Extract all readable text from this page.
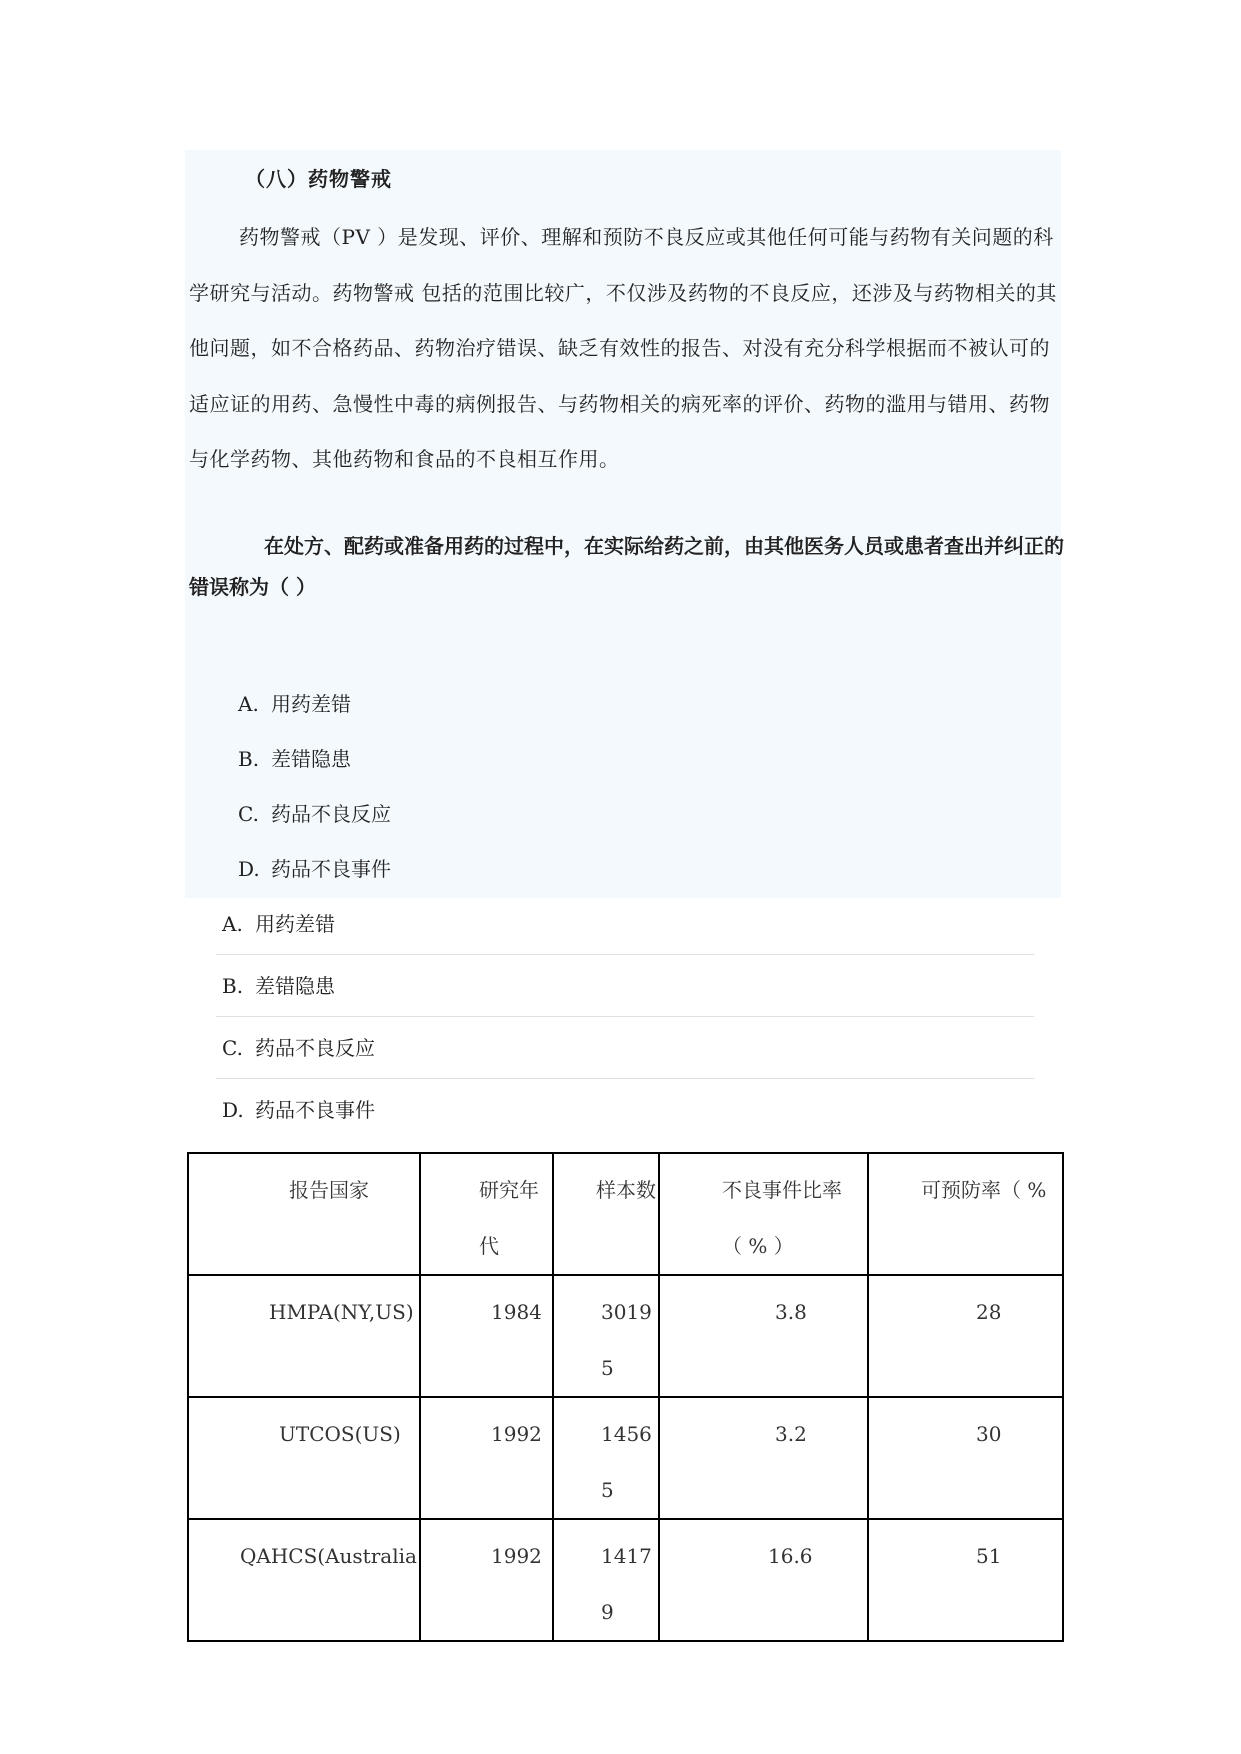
（八）药物警戒

药物警戒（PV ）是发现、评价、理解和预防不良反应或其他任何可能与药物有关问题的科学研究与活动。药物警戒 包括的范围比较广，不仅涉及药物的不良反应，还涉及与药物相关的其他问题，如不合格药品、药物治疗错误、缺乏有效性的报告、对没有充分科学根据而不被认可的适应证的用药、急慢性中毒的病例报告、与药物相关的病死率的评价、药物的滥用与错用、药物与化学药物、其他药物和食品的不良相互作用。

在处方、配药或准备用药的过程中，在实际给药之前，由其他医务人员或患者查出并纠正的错误称为（ ）

A. 用药差错
B. 差错隐患
C. 药品不良反应
D. 药品不良事件
A. 用药差错
B. 差错隐患
C. 药品不良反应
D. 药品不良事件
报告国家	研究年代	样本数	不良事件比率（ % ）	可预防率（ %
HMPA(NY,US)	1984	30195	3.8	28
UTCOS(US)	1992	14565	3.2	30
QAHCS(Australia	1992	14179	16.6	51
